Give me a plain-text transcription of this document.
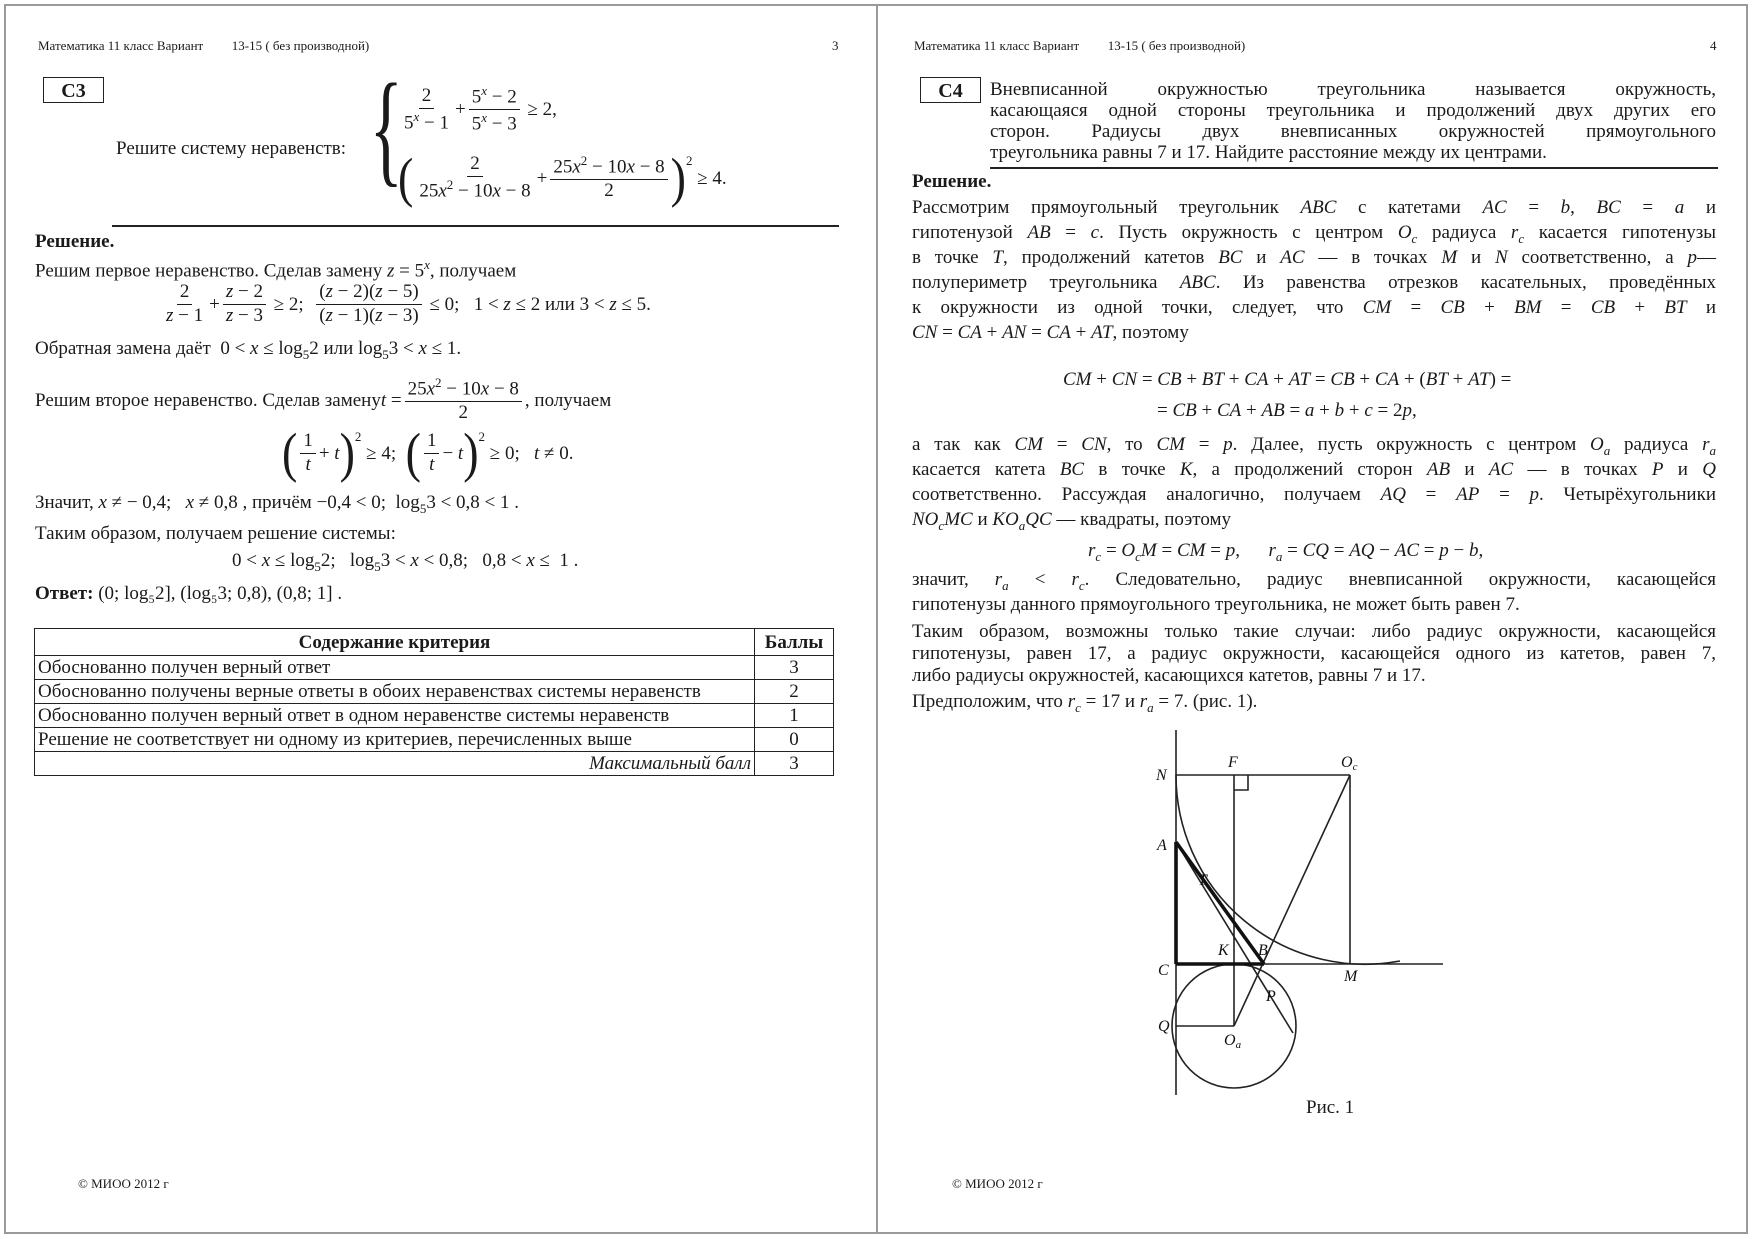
Математика 11 класс Вариант 13-15 ( без производной)	3
С3
Решите систему неравенств: {
$\frac{2}{5^x - 1} + \frac{5^x - 2}{5^x - 3} \ge 2$,
( $\frac{2}{25x^2 - 10x - 8} + \frac{25x^2 - 10x - 8}{2} )^2$
≥ 4.
Решение.
Решим первое неравенство. Сделав замену $z = 5^x$, получаем
$\frac{2}{z - 1} + \frac{z - 2}{z - 3} \ge 2$; $\frac{(z - 2)(z - 5)}{(z - 1)(z - 3)} \le 0$;   1 < z ≤ 2 или 3 < z ≤ 5.
Обратная замена даёт  $0 < x \le \log_52$ или $\log_53 < x \le 1$.
Решим второе неравенство. Сделав замену $t = \frac{25x^2 - 10x - 8}{2}$ , получаем
( $\frac{1}{t} + t$ )$^2$
≥ 4; ( $\frac{1}{t} - t$ )$^2$
≥ 0;   t ≠ 0.
Значит, x ≠ − 0,4;   x ≠ 0,8 , причём −0,4 < 0;  $\log_53 < 0,8 < 1$ .
Таким образом, получаем решение системы:
$0 < x \le \log_52$;   $\log_53 < x < 0,8$;   0,8 < x ≤  1 .
Ответ: (0; log₅2], (log₅3; 0,8), (0,8; 1] .
Содержание критерия	Баллы
Обоснованно получен верный ответ	3
Обоснованно получены верные ответы в обоих неравенствах системы неравенств	2
Обоснованно получен верный ответ в одном неравенстве системы неравенств	1
Решение не соответствует ни одному из критериев, перечисленных выше	0
Максимальный балл	3
© МИОО 2012 г
Математика 11 класс Вариант 13-15 ( без производной)	4
С4	Вневписанной окружностью треугольника называется окружность,
касающаяся одной стороны треугольника и продолжений двух других его
сторон. Радиусы двух вневписанных окружностей прямоугольного
треугольника равны 7 и 17. Найдите расстояние между их центрами.
Решение.
Рассмотрим прямоугольный треугольник ABC с катетами AC = b, BC = a и
гипотенузой AB = c. Пусть окружность с центром $O_c$ радиуса $r_c$ касается гипотенузы
в точке T, продолжений катетов BC и AC — в точках M и N соответственно, а p—
полупериметр треугольника ABC. Из равенства отрезков касательных, проведённых
к окружности из одной точки, следует, что CM = CB + BM = CB + BT и
CN = CA + AN = CA + AT, поэтому
CM + CN = CB + BT + CA + AT = CB + CA + (BT + AT) =
= CB + CA + AB = a + b + c = 2p,
а так как CM = CN, то CM = p. Далее, пусть окружность с центром $O_a$ радиуса $r_a$
касается катета BC в точке K, а продолжений сторон AB и AC — в точках P и Q
соответственно. Рассуждая аналогично, получаем AQ = AP = p. Четырёхугольники
$NO_cMC$ и $KO_aQC$ — квадраты, поэтому
$r_c = O_cM$ = CM = p,      $r_a$ = CQ = AQ − AC = p − b,
значит, $r_a < r_c$. Следовательно, радиус вневписанной окружности, касающейся
гипотенузы данного прямоугольного треугольника, не может быть равен 7.
Таким образом, возможны только такие случаи: либо радиус окружности, касающейся
гипотенузы, равен 17, а радиус окружности, касающейся одного из катетов, равен 7,
либо радиусы окружностей, касающихся катетов, равны 7 и 17.
Предположим, что $r_c = 17$ и $r_a = 7$. (рис. 1).
N
F	Oc
A
T
K B
C	M
P
Q
Oa
Рис. 1
© МИОО 2012 г
